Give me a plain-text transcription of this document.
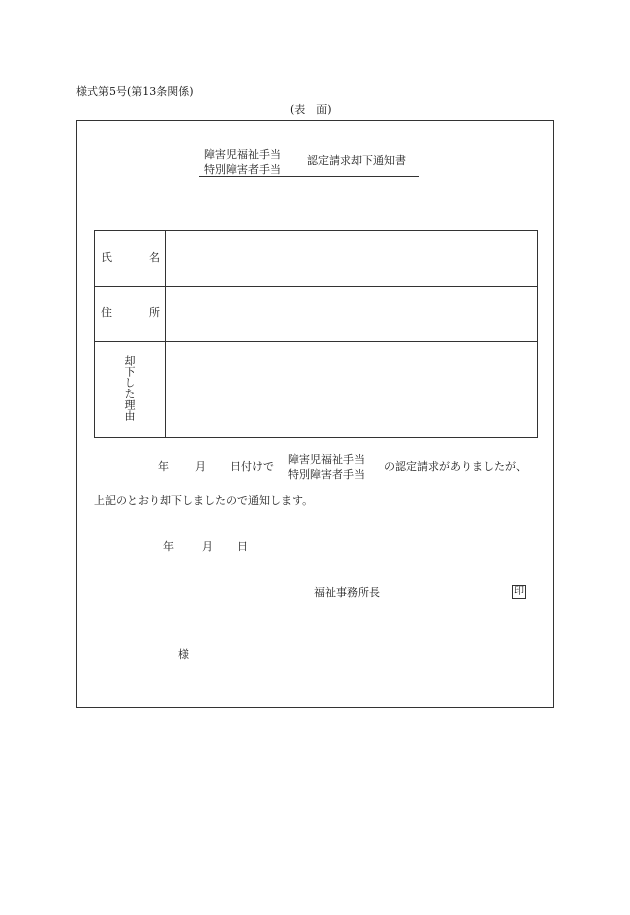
様式第5号(第13条関係)
(表　面)
障害児福祉手当
特別障害者手当
認定請求却下通知書
氏	名
住	所
却下した理由
年 月 日付けで
障害児福祉手当
特別障害者手当
の認定請求がありましたが、
上記のとおり却下しましたので通知します。
年	月 日
福祉事務所長	印
様
